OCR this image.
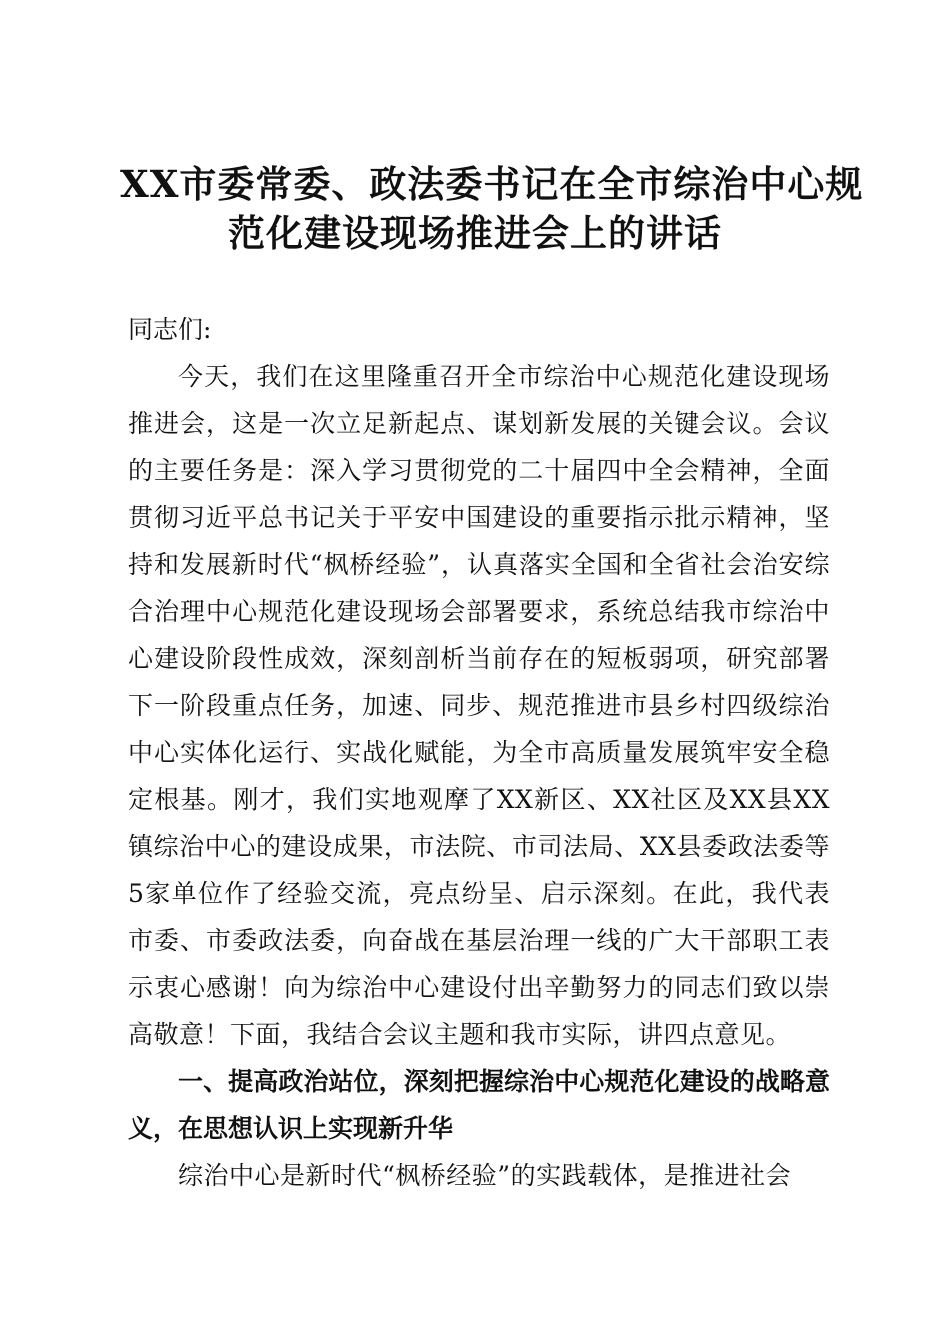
XX市委常委、政法委书记在全市综治中心规
范化建设现场推进会上的讲话

同志们:

今天，我们在这里隆重召开全市综治中心规范化建设现场推进会，这是一次立足新起点、谋划新发展的关键会议。会议的主要任务是：深入学习贯彻党的二十届四中全会精神，全面贯彻习近平总书记关于平安中国建设的重要指示批示精神，坚持和发展新时代“枫桥经验”，认真落实全国和全省社会治安综合治理中心规范化建设现场会部署要求，系统总结我市综治中心建设阶段性成效，深刻剖析当前存在的短板弱项，研究部署下一阶段重点任务，加速、同步、规范推进市县乡村四级综治中心实体化运行、实战化赋能，为全市高质量发展筑牢安全稳定根基。刚才，我们实地观摩了XX新区、XX社区及XX县XX镇综治中心的建设成果，市法院、市司法局、XX县委政法委等5家单位作了经验交流，亮点纷呈、启示深刻。在此，我代表市委、市委政法委，向奋战在基层治理一线的广大干部职工表示衷心感谢！向为综治中心建设付出辛勤努力的同志们致以崇高敬意！下面，我结合会议主题和我市实际，讲四点意见。

一、提高政治站位，深刻把握综治中心规范化建设的战略意义，在思想认识上实现新升华

综治中心是新时代“枫桥经验”的实践载体，是推进社会
